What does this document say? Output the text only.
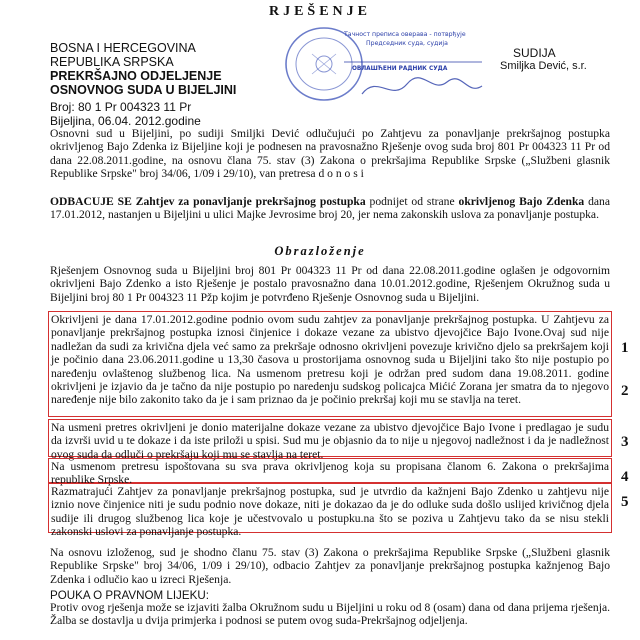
RJEŠENJE
BOSNA I HERCEGOVINA
REPUBLIKA SRPSKA
PREKRŠAJNO ODJELJENJE
OSNOVNOG SUDA U BIJELJINI
Broj: 80 1 Pr 004323 11 Pr
Bijeljina, 06.04. 2012.godine
Тачност преписа оверава - потврђује
Председник суда, судија
ОВЛАШЋЕНИ РАДНИК СУДА
SUDIJA
Smiljka Dević, s.r.
Osnovni sud u Bijeljini, po sudiji Smiljki Dević odlučujući po Zahtjevu za ponavljanje prekršajnog postupka okrivljenog Bajo Zdenka iz Bijeljine koji je podnesen na pravosnažno Rješenje ovog suda broj 801 Pr 004323 11 Pr od dana 22.08.2011.godine, na osnovu člana 75. stav (3) Zakona o prekršajima Republike Srpske („Službeni glasnik Republike Srpske" broj 34/06, 1/09 i 29/10), van pretresa d o n o s i
ODBACUJE SE Zahtjev za ponavljanje prekršajnog postupka podnijet od strane okrivljenog Bajo Zdenka dana 17.01.2012, nastanjen u Bijeljini u ulici Majke Jevrosime broj 20, jer nema zakonskih uslova za ponavljanje postupka.
Obrazloženje
Rješenjem Osnovnog suda u Bijeljini broj 801 Pr 004323 11 Pr od dana 22.08.2011.godine oglašen je odgovornim okrivljeni Bajo Zdenko a isto Rješenje je postalo pravosnažno dana 10.01.2012.godine, Rješenjem Okružnog suda u Bijeljini broj 80 1 Pr 004323 11 Pžp kojim je potvrđeno Rješenje Osnovnog suda u Bijeljini.
Okrivljeni je dana 17.01.2012.godine podnio ovom sudu zahtjev za ponavljanje prekršajnog postupka. U Zahtjevu za ponavljanje prekršajnog postupka iznosi činjenice i dokaze vezane za ubistvo djevojčice Bajo Ivone.Ovaj sud nije nadležan da sudi za krivična djela već samo za prekršaje odnosno okrivljeni povezuje krivično djelo sa prekršajem koji je počinio dana 23.06.2011.godine u 13,30 časova u prostorijama osnovnog suda u Bijeljini tako što nije postupio po naređenju ovlaštenog službenog lica. Na usmenom pretresu koji je održan pred sudom dana 19.08.2011. godine okrivljeni je izjavio da je tačno da nije postupio po naredenju sudskog policajca Mićić Zorana jer smatra da to njegovo naređenje nije bilo zakonito tako da je i sam priznao da je počinio prekršaj koji mu se stavlja na teret.
Na usmeni pretres okrivljeni je donio materijalne dokaze vezane za ubistvo djevojčice Bajo Ivone i predlagao je sudu da izvrši uvid u te dokaze i da iste priloži u spisi. Sud mu je objasnio da to nije u njegovoj nadležnost i da je nadležnost ovog suda da odluči o prekršaju koji mu se stavlja na teret.
Na usmenom pretresu ispoštovana su sva prava okrivljenog koja su propisana članom 6. Zakona o prekršajima republike Srpske.
Razmatrajući Zahtjev za ponavljanje prekršajnog postupka, sud je utvrdio da kažnjeni Bajo Zdenko u zahtjevu nije iznio nove činjenice niti je sudu podnio nove dokaze, niti je dokazao da je do odluke suda došlo uslijed krivičnog djela sudije ili drugog službenog lica koje je učestvovalo u postupku.na što se poziva u Zahtjevu tako da se nisu stekli zakonski uslovi za ponavljanje postupka.
1
2
3
4
5
Na osnovu izloženog, sud je shodno članu 75. stav (3) Zakona o prekršajima Republike Srpske („Službeni glasnik Republike Srpske" broj 34/06, 1/09 i 29/10), odbacio Zahtjev za ponavljanje prekršajnog postupka kažnjenog Bajo Zdenka i odlučio kao u izreci Rješenja.
POUKA O PRAVNOM LIJEKU:
Protiv ovog rješenja može se izjaviti žalba Okružnom sudu u Bijeljini u roku od 8 (osam) dana od dana prijema rješenja. Žalba se dostavlja u dvija primjerka i podnosi se putem ovog suda-Prekršajnog odjeljenja.
